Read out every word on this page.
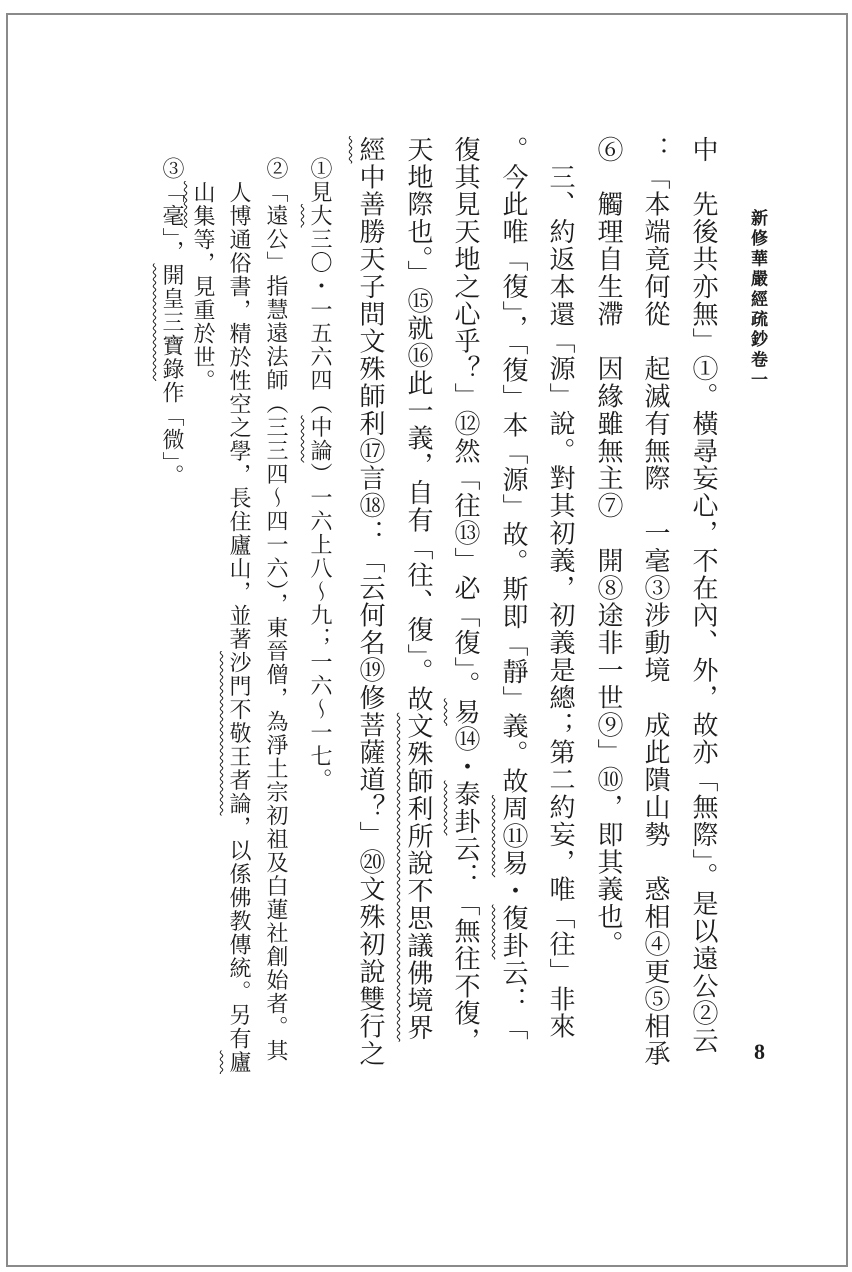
新修華嚴經疏鈔卷一
中　先後共亦無」①。橫尋妄心，不在內、外，故亦「無際」。是以遠公②云
：「本端竟何從　起滅有無際　一毫③涉動境　成此隤山勢　惑相④更⑤相承
⑥　觸理自生滯　因緣雖無主⑦　開⑧途非一世⑨」⑩，即其義也。
　三、約返本還「源」說。對其初義，初義是總；第二約妄，唯「往」非來
。今此唯「復」，「復」本「源」故。斯即「靜」義。故周⑪易・復卦云：「
復其見天地之心乎？」⑫然「往⑬」必「復」。易⑭・泰卦云：「無往不復，
天地際也。」⑮就⑯此一義，自有「往、復」。故文殊師利所說不思議佛境界
經中善勝天子問文殊師利⑰言⑱：「云何名⑲修菩薩道？」⑳文殊初說雙行之
①見大三〇・一五六四（中論）一六上八～九；一六～一七。
②「遠公」指慧遠法師（三三四～四一六），東晉僧，為淨土宗初祖及白蓮社創始者。其
人博通俗書，精於性空之學，長住廬山，並著沙門不敬王者論，以係佛教傳統。另有廬
山集等，見重於世。
③「毫」，開皇三寶錄作「微」。
8
